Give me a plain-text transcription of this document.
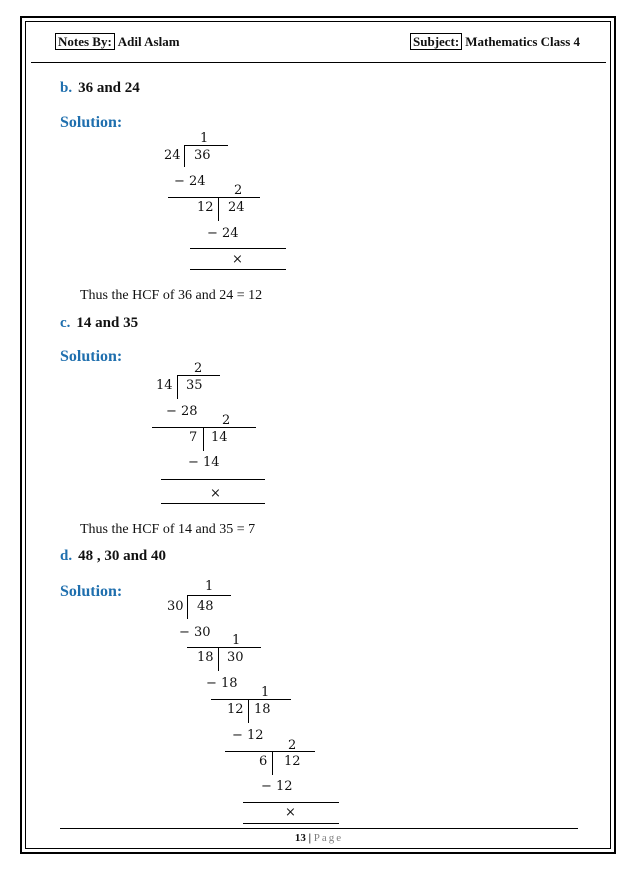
Notes By: Adil Aslam	Subject: Mathematics Class 4
b. 36 and 24
Solution:
1
24 36
− 24
2
12 24
− 24
×
Thus the HCF of 36 and 24 = 12
c. 14 and 35
Solution:
2
14 35
− 28
2
7 14
− 14
×
Thus the HCF of 14 and 35 = 7
d. 48 , 30 and 40
Solution:	1
30 48
− 30
1
18 30
− 18
1
12 18
− 12
2
6 12
− 12
×
13 | Page
